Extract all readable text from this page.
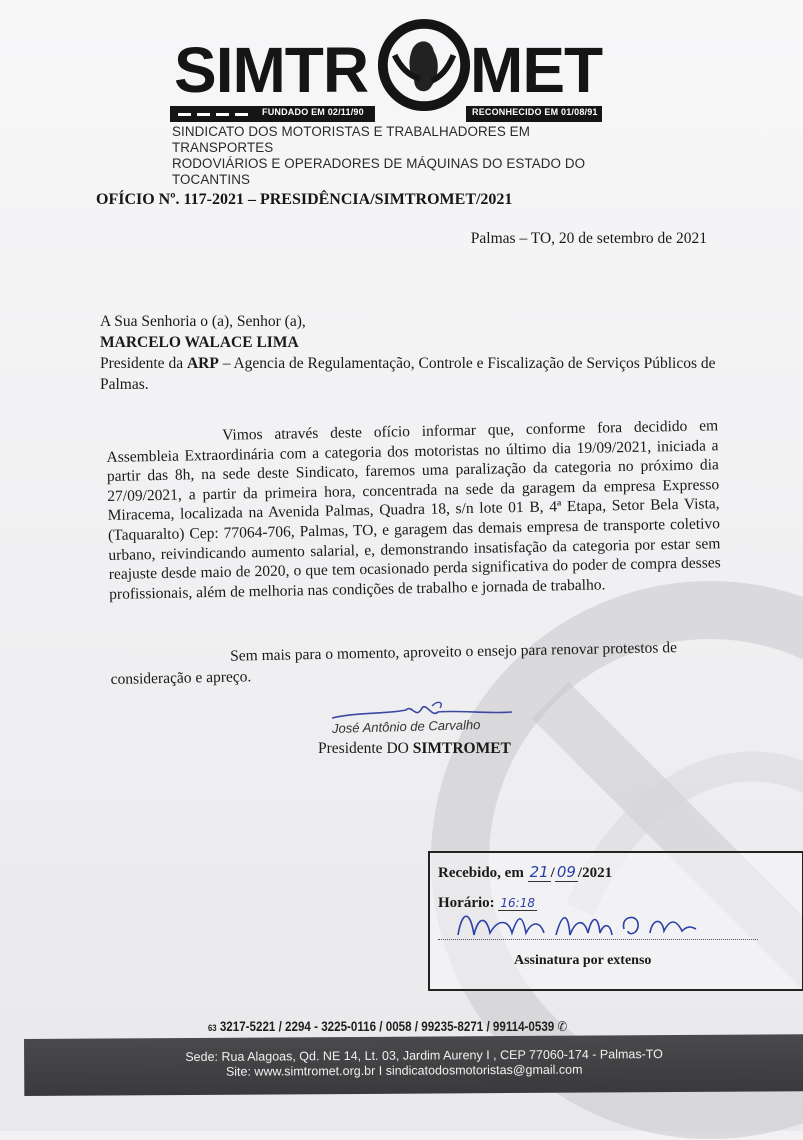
SIMTR MET
FUNDADO EM 02/11/90	RECONHECIDO EM 01/08/91
SINDICATO DOS MOTORISTAS E TRABALHADORES EM TRANSPORTES
RODOVIÁRIOS E OPERADORES DE MÁQUINAS DO ESTADO DO TOCANTINS
OFÍCIO Nº. 117-2021 – PRESIDÊNCIA/SIMTROMET/2021
Palmas – TO, 20 de setembro de 2021
A Sua Senhoria o (a), Senhor (a),
MARCELO WALACE LIMA
Presidente da ARP – Agencia de Regulamentação, Controle e Fiscalização de Serviços Públicos de Palmas.
Vimos através deste ofício informar que, conforme fora decidido em Assembleia Extraordinária com a categoria dos motoristas no último dia 19/09/2021, iniciada a partir das 8h, na sede deste Sindicato, faremos uma paralização da categoria no próximo dia 27/09/2021, a partir da primeira hora, concentrada na sede da garagem da empresa Expresso Miracema, localizada na Avenida Palmas, Quadra 18, s/n lote 01 B, 4ª Etapa, Setor Bela Vista, (Taquaralto) Cep: 77064-706, Palmas, TO, e garagem das demais empresa de transporte coletivo urbano, reivindicando aumento salarial, e, demonstrando insatisfação da categoria por estar sem reajuste desde maio de 2020, o que tem ocasionado perda significativa do poder de compra desses profissionais, além de melhoria nas condições de trabalho e jornada de trabalho.
Sem mais para o momento, aproveito o ensejo para renovar protestos de consideração e apreço.
José Antônio de Carvalho
Presidente DO SIMTROMET
Recebido, em 21 / 09 /2021
Horário: 16:18
Assinatura por extenso
63 3217-5221 / 2294 - 3225-0116 / 0058 / 99235-8271 / 99114-0539 ✆
Sede: Rua Alagoas, Qd. NE 14, Lt. 03, Jardim Aureny I , CEP 77060-174 - Palmas-TO
Site: www.simtromet.org.br I sindicatodosmotoristas@gmail.com
